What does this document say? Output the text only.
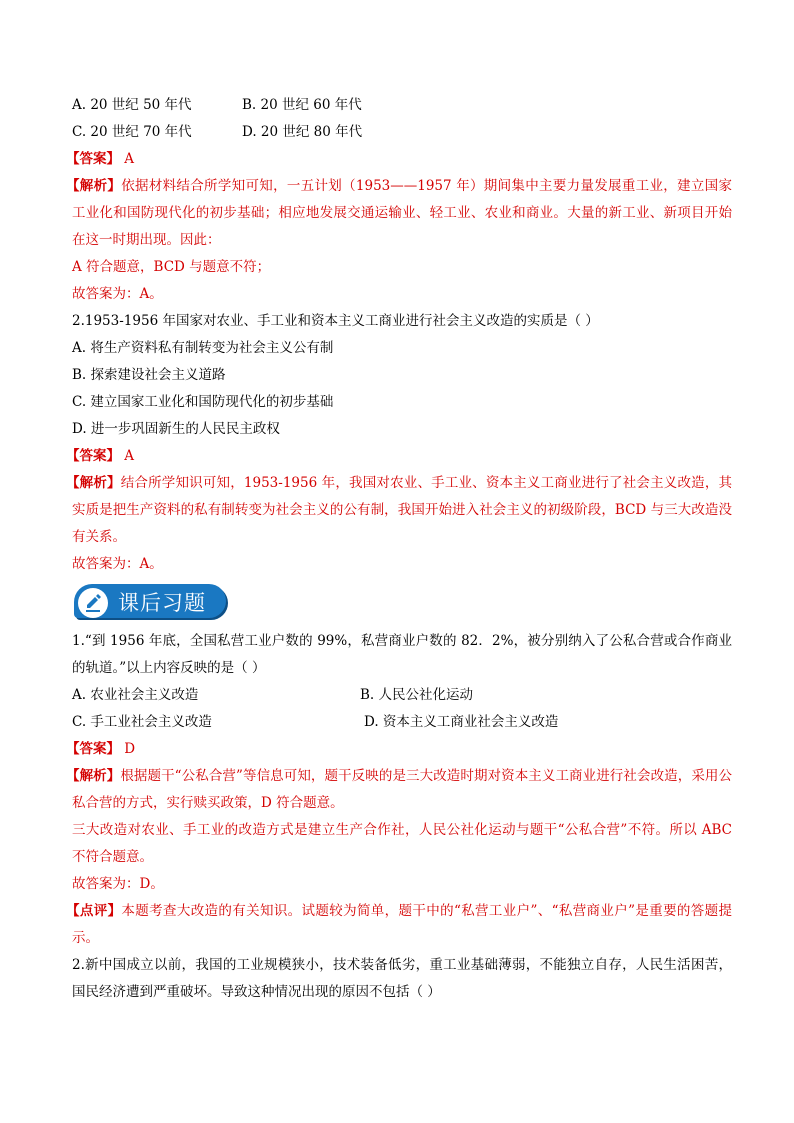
A. 20 世纪 50 年代	B. 20 世纪 60 年代
C. 20 世纪 70 年代	D. 20 世纪 80 年代
【答案】 A
【解析】依据材料结合所学知可知，一五计划（1953——1957 年）期间集中主要力量发展重工业，建立国家工业化和国防现代化的初步基础；相应地发展交通运输业、轻工业、农业和商业。大量的新工业、新项目开始在这一时期出现。因此：
A 符合题意，BCD 与题意不符；
故答案为：A。
2.1953-1956 年国家对农业、手工业和资本主义工商业进行社会主义改造的实质是（ ）
A. 将生产资料私有制转变为社会主义公有制
B. 探索建设社会主义道路
C. 建立国家工业化和国防现代化的初步基础
D. 进一步巩固新生的人民民主政权
【答案】 A
【解析】结合所学知识可知，1953-1956 年，我国对农业、手工业、资本主义工商业进行了社会主义改造，其实质是把生产资料的私有制转变为社会主义的公有制，我国开始进入社会主义的初级阶段，BCD 与三大改造没有关系。
故答案为：A。
课后习题
1.“到 1956 年底，全国私营工业户数的 99%，私营商业户数的 82．2%，被分别纳入了公私合营或合作商业的轨道。”以上内容反映的是（ ）
A. 农业社会主义改造	B. 人民公社化运动
C. 手工业社会主义改造	D. 资本主义工商业社会主义改造
【答案】 D
【解析】根据题干“公私合营”等信息可知，题干反映的是三大改造时期对资本主义工商业进行社会改造，采用公私合营的方式，实行赎买政策，D 符合题意。
三大改造对农业、手工业的改造方式是建立生产合作社，人民公社化运动与题干“公私合营”不符。所以 ABC 不符合题意。
故答案为：D。
【点评】本题考查大改造的有关知识。试题较为简单，题干中的“私营工业户”、“私营商业户”是重要的答题提示。
2.新中国成立以前，我国的工业规模狭小，技术装备低劣，重工业基础薄弱，不能独立自存，人民生活困苦，国民经济遭到严重破坏。导致这种情况出现的原因不包括（ ）
